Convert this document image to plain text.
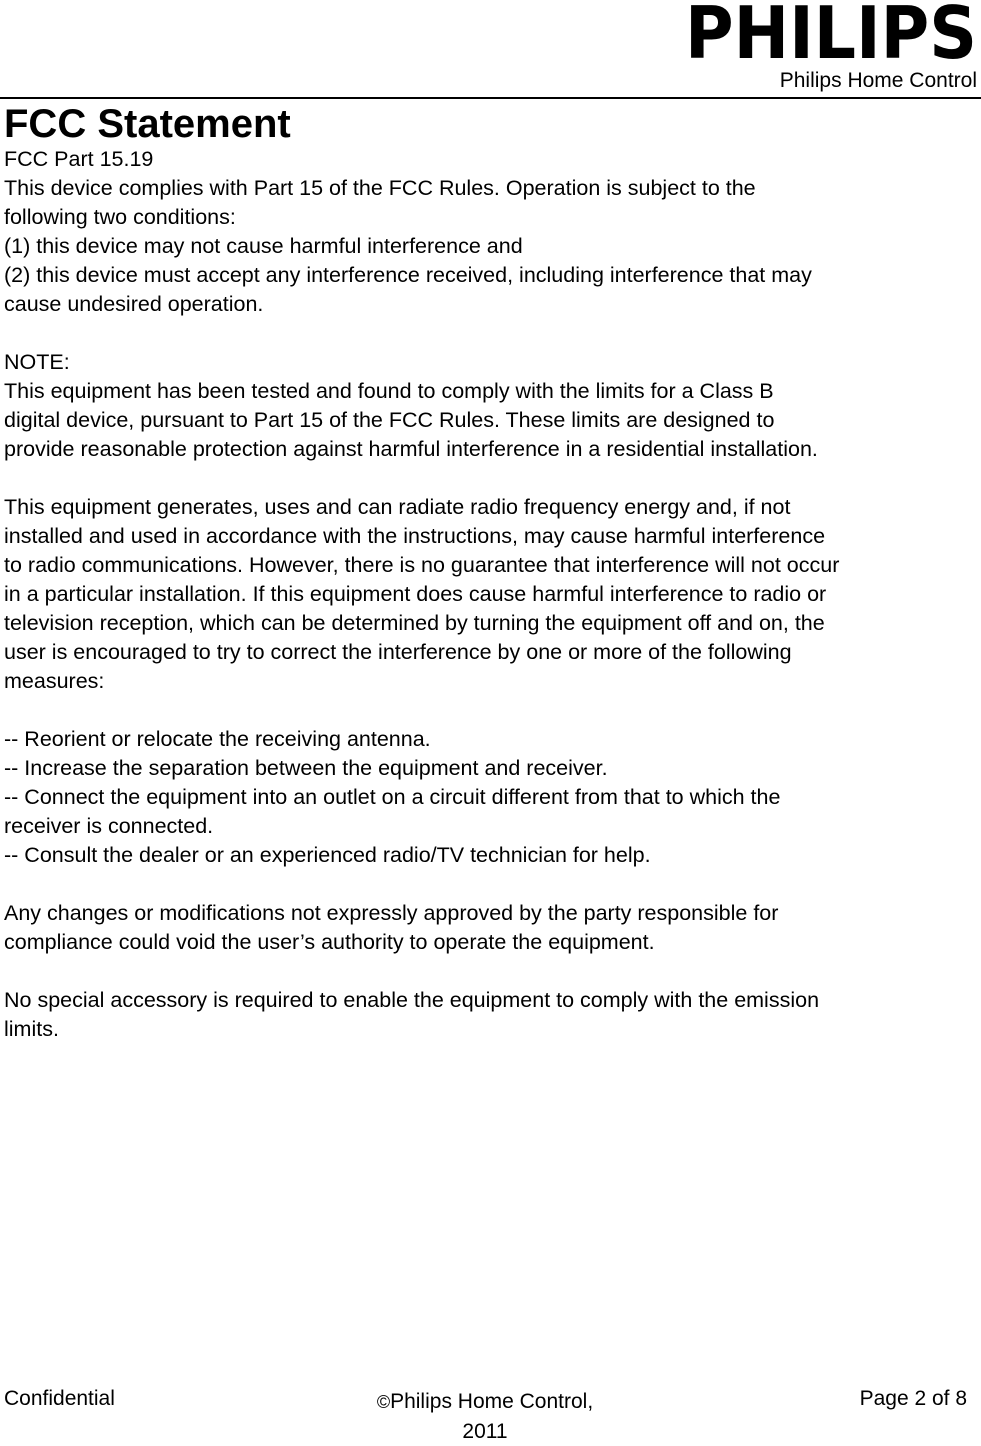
PHILIPS
Philips Home Control
FCC Statement
FCC Part 15.19
This device complies with Part 15 of the FCC Rules. Operation is subject to the
following two conditions:
(1) this device may not cause harmful interference and
(2) this device must accept any interference received, including interference that may
cause undesired operation.
NOTE:
This equipment has been tested and found to comply with the limits for a Class B
digital device, pursuant to Part 15 of the FCC Rules. These limits are designed to
provide reasonable protection against harmful interference in a residential installation.
This equipment generates, uses and can radiate radio frequency energy and, if not
installed and used in accordance with the instructions, may cause harmful interference
to radio communications. However, there is no guarantee that interference will not occur
in a particular installation. If this equipment does cause harmful interference to radio or
television reception, which can be determined by turning the equipment off and on, the
user is encouraged to try to correct the interference by one or more of the following
measures:
-- Reorient or relocate the receiving antenna.
-- Increase the separation between the equipment and receiver.
-- Connect the equipment into an outlet on a circuit different from that to which the
receiver is connected.
-- Consult the dealer or an experienced radio/TV technician for help.
Any changes or modifications not expressly approved by the party responsible for
compliance could void the user’s authority to operate the equipment.
No special accessory is required to enable the equipment to comply with the emission
limits.
Confidential	©Philips Home Control,
2011
Page 2 of 8
